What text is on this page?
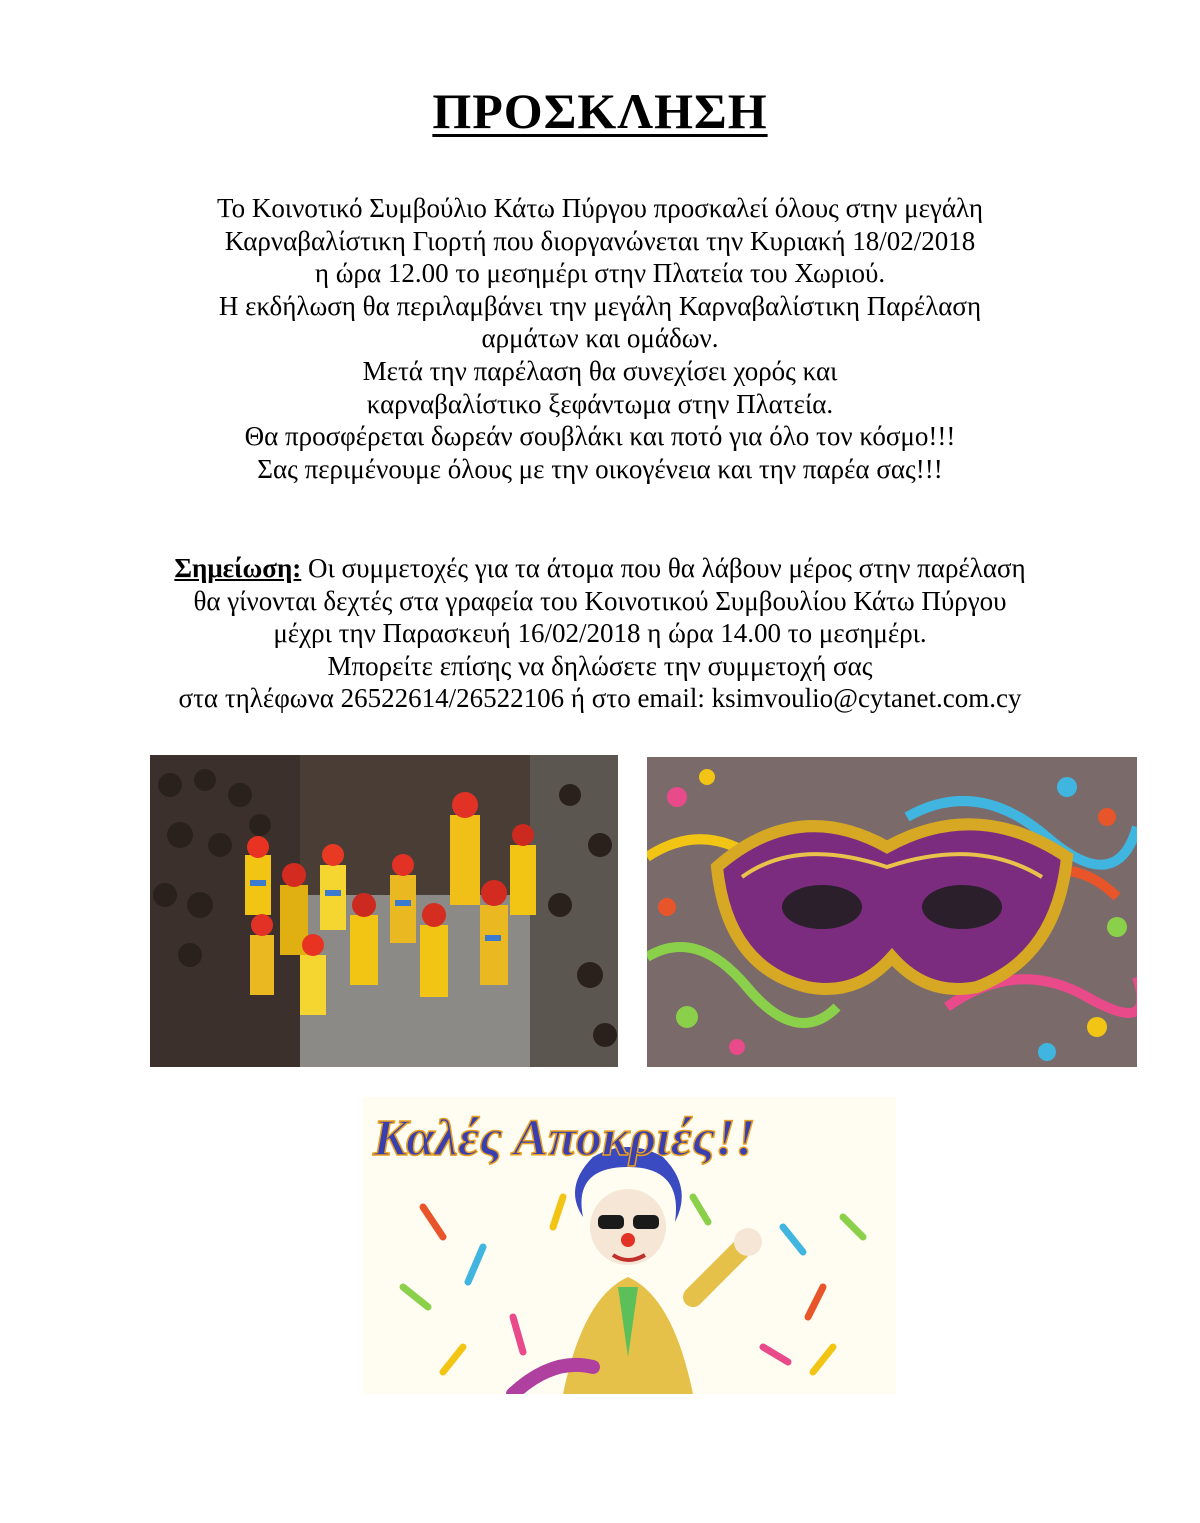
ΠΡΟΣΚΛΗΣΗ
Το Κοινοτικό Συμβούλιο Κάτω Πύργου προσκαλεί όλους στην μεγάλη
Καρναβαλίστικη Γιορτή που διοργανώνεται την Κυριακή 18/02/2018
η ώρα 12.00 το μεσημέρι στην Πλατεία του Χωριού.
Η εκδήλωση θα περιλαμβάνει την μεγάλη Καρναβαλίστικη Παρέλαση
αρμάτων και ομάδων.
Μετά την παρέλαση θα συνεχίσει χορός και
καρναβαλίστικο ξεφάντωμα στην Πλατεία.
Θα προσφέρεται δωρεάν σουβλάκι και ποτό για όλο τον κόσμο!!!
Σας περιμένουμε όλους με την οικογένεια και την παρέα σας!!!
Σημείωση: Οι συμμετοχές για τα άτομα που θα λάβουν μέρος στην παρέλαση
θα γίνονται δεχτές στα γραφεία του Κοινοτικού Συμβουλίου Κάτω Πύργου
μέχρι την Παρασκευή 16/02/2018 η ώρα 14.00 το μεσημέρι.
Μπορείτε επίσης να δηλώσετε την συμμετοχή σας
στα τηλέφωνα 26522614/26522106 ή στο email: ksimvoulio@cytanet.com.cy
Καλές Αποκριές!!
